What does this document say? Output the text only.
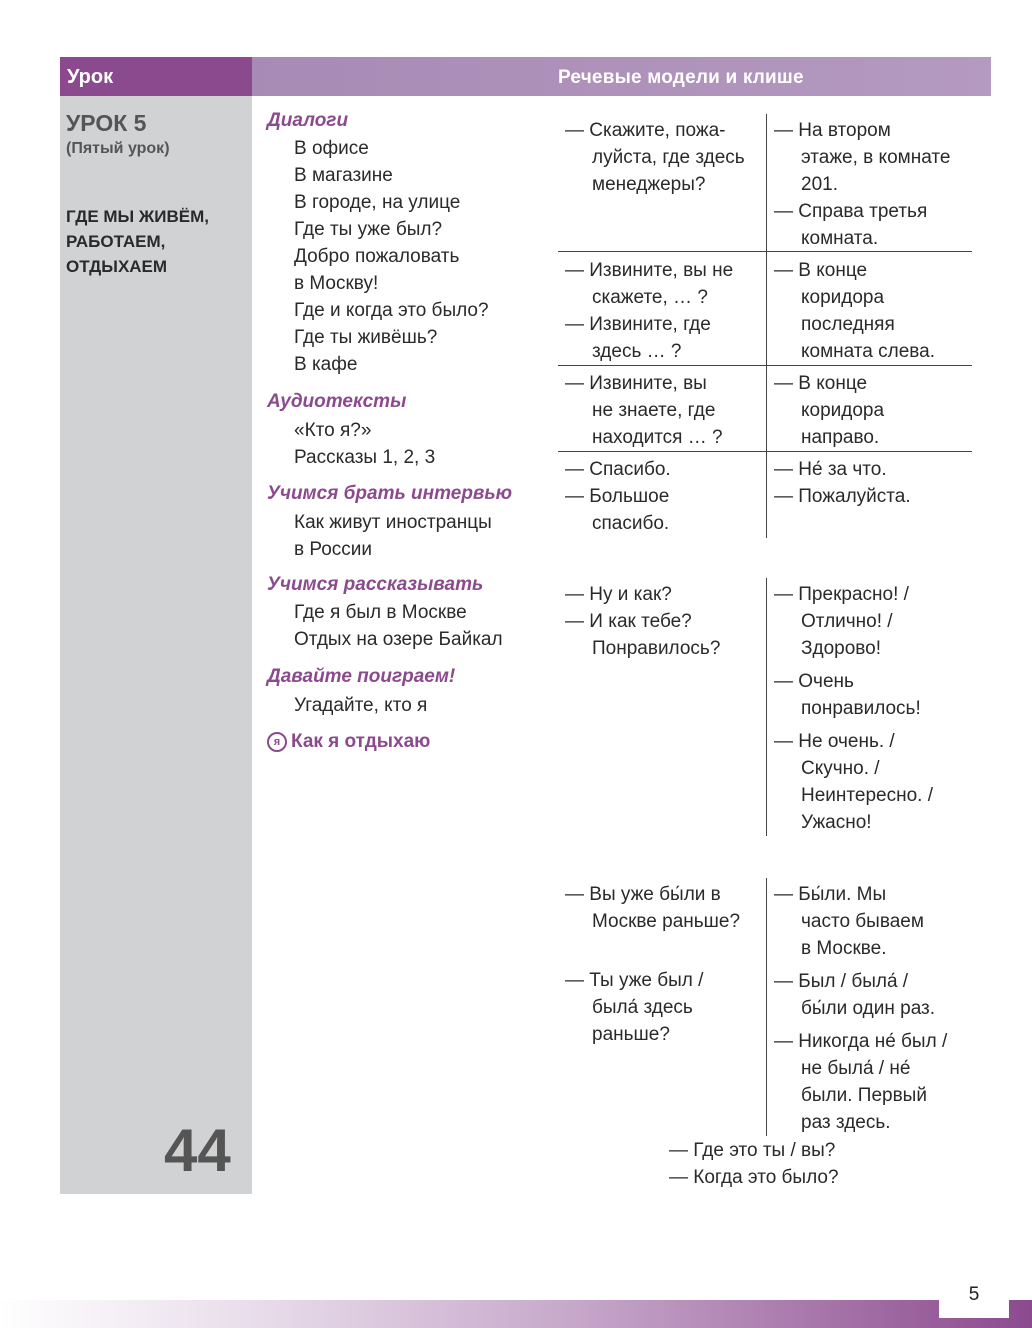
Урок	Речевые модели и клише
УРОК 5
(Пятый урок)
ГДЕ МЫ ЖИВЁМ,
РАБОТАЕМ,
ОТДЫХАЕМ
44
Диалоги
В офисе
В магазине
В городе, на улице
Где ты уже был?
Добро пожаловать
в Москву!
Где и когда это было?
Где ты живёшь?
В кафе
Аудиотексты
«Кто я?»
Рассказы 1, 2, 3
Учимся брать интервью
Как живут иностранцы
в России
Учимся рассказывать
Где я был в Москве
Отдых на озере Байкал
Давайте поиграем!
Угадайте, кто я
я Как я отдыхаю
— Скажите, пожа-
луйста, где здесь
менеджеры?
— На втором
этаже, в комнате
201.
— Справа третья
комната.
— Извините, вы не
скажете, … ?
— Извините, где
здесь … ?
— В конце
коридора
последняя
комната слева.
— Извините, вы
не знаете, где
находится … ?
— В конце
коридора
направо.
— Спасибо.
— Большое
спасибо.
— Не́ за что.
— Пожалуйста.
— Ну и как?
— И как тебе?
Понравилось?
— Прекрасно! /
Отлично! /
Здорово!
— Очень
понравилось!
— Не очень. /
Скучно. /
Неинтересно. /
Ужасно!
— Вы уже бы́ли в
Москве раньше?
— Ты уже был /
была́ здесь
раньше?
— Бы́ли. Мы
часто бываем
в Москве.
— Был / была́ /
бы́ли один раз.
— Никогда не́ был /
не была́ / не́
были. Первый
раз здесь.
— Где это ты / вы?
— Когда это было?
5
